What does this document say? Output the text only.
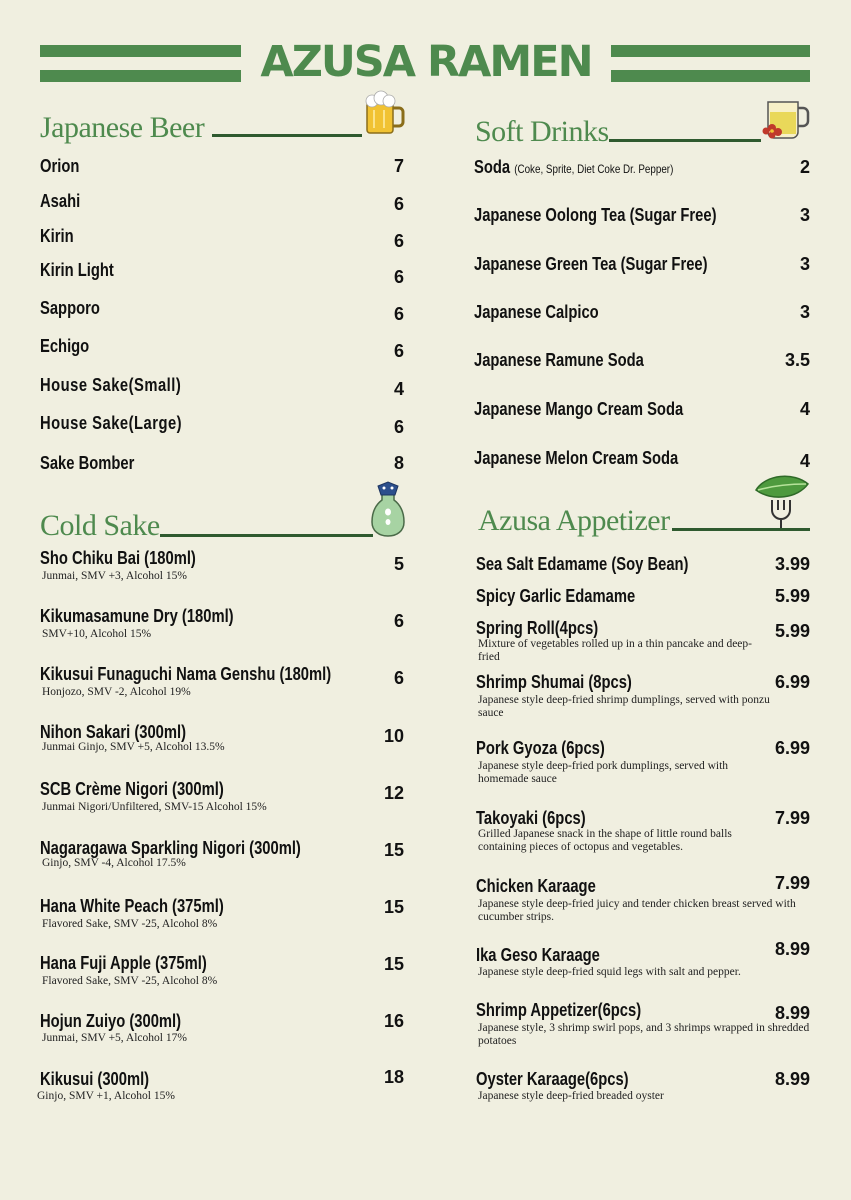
AZUSA RAMEN
Japanese Beer
Orion	7
Asahi	6
Kirin	6
Kirin Light	6
Sapporo	6
Echigo	6
House Sake(Small)	4
House Sake(Large)	6
Sake Bomber	8
Soft Drinks
Soda (Coke, Sprite, Diet Coke Dr. Pepper)	2
Japanese Oolong Tea (Sugar Free)	3
Japanese Green Tea (Sugar Free)	3
Japanese Calpico	3
Japanese Ramune Soda	3.5
Japanese Mango Cream Soda	4
Japanese Melon Cream Soda	4
Cold Sake
Sho Chiku Bai (180ml)	5
Junmai, SMV +3, Alcohol 15%
Kikumasamune Dry (180ml)	6
SMV+10, Alcohol 15%
Kikusui Funaguchi Nama Genshu (180ml)	6
Honjozo, SMV -2, Alcohol 19%
Nihon Sakari (300ml)	10
Junmai Ginjo, SMV +5, Alcohol 13.5%
SCB Crème Nigori (300ml)	12
Junmai Nigori/Unfiltered, SMV-15 Alcohol 15%
Nagaragawa Sparkling Nigori (300ml)	15
Ginjo, SMV -4, Alcohol 17.5%
Hana White Peach (375ml)	15
Flavored Sake, SMV -25, Alcohol 8%
Hana Fuji Apple (375ml)	15
Flavored Sake, SMV -25, Alcohol 8%
Hojun Zuiyo (300ml)	16
Junmai, SMV +5, Alcohol 17%
Kikusui (300ml)	18
Ginjo, SMV +1, Alcohol 15%
Azusa Appetizer
Sea Salt Edamame (Soy Bean)	3.99
Spicy Garlic Edamame	5.99
Spring Roll(4pcs)	5.99
Mixture of vegetables rolled up in a thin pancake and deep-fried
Shrimp Shumai (8pcs)	6.99
Japanese style deep-fried shrimp dumplings, served with ponzu sauce
Pork Gyoza (6pcs)	6.99
Japanese style deep-fried pork dumplings, served with homemade sauce
Takoyaki (6pcs)	7.99
Grilled Japanese snack in the shape of little round balls containing pieces of octopus and vegetables.
Chicken Karaage	7.99
Japanese style deep-fried juicy and tender chicken breast served with cucumber strips.
Ika Geso Karaage	8.99
Japanese style deep-fried squid legs with salt and pepper.
Shrimp Appetizer(6pcs)	8.99
Japanese style, 3 shrimp swirl pops, and 3 shrimps wrapped in shredded potatoes
Oyster Karaage(6pcs)	8.99
Japanese style deep-fried breaded oyster
